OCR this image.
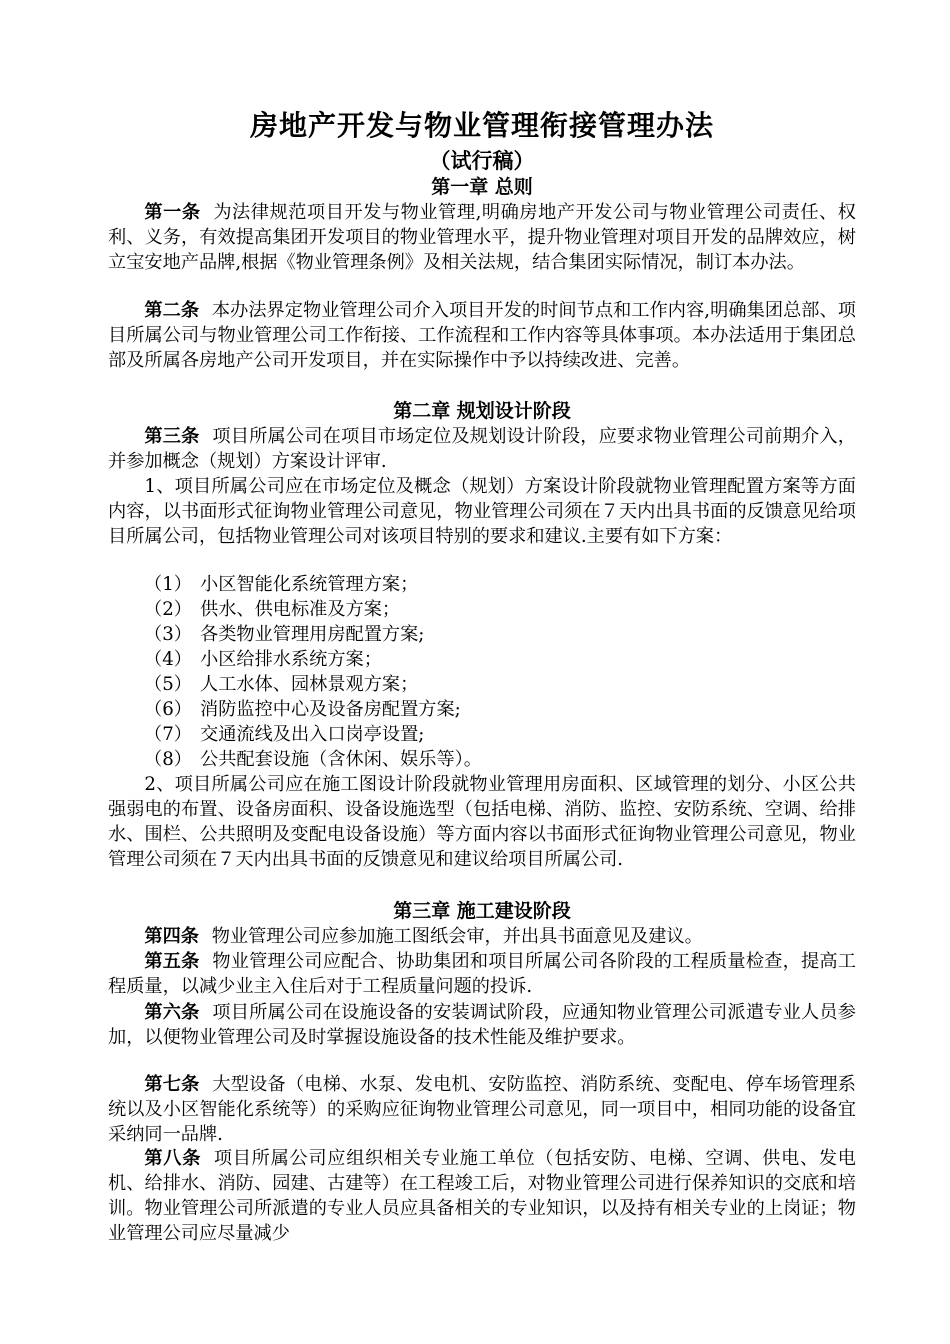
房地产开发与物业管理衔接管理办法
（试行稿）
第一章 总则

第一条 为法律规范项目开发与物业管理,明确房地产开发公司与物业管理公司责任、权利、义务，有效提高集团开发项目的物业管理水平，提升物业管理对项目开发的品牌效应，树立宝安地产品牌,根据《物业管理条例》及相关法规，结合集团实际情况，制订本办法。

第二条 本办法界定物业管理公司介入项目开发的时间节点和工作内容,明确集团总部、项目所属公司与物业管理公司工作衔接、工作流程和工作内容等具体事项。本办法适用于集团总部及所属各房地产公司开发项目，并在实际操作中予以持续改进、完善。

第二章 规划设计阶段

第三条 项目所属公司在项目市场定位及规划设计阶段，应要求物业管理公司前期介入，并参加概念（规划）方案设计评审.

1、项目所属公司应在市场定位及概念（规划）方案设计阶段就物业管理配置方案等方面内容，以书面形式征询物业管理公司意见，物业管理公司须在７天内出具书面的反馈意见给项目所属公司，包括物业管理公司对该项目特别的要求和建议.主要有如下方案：

（1） 小区智能化系统管理方案；
（2） 供水、供电标准及方案；
（3） 各类物业管理用房配置方案;
（4） 小区给排水系统方案；
（5） 人工水体、园林景观方案；
（6） 消防监控中心及设备房配置方案;
（7） 交通流线及出入口岗亭设置;
（8） 公共配套设施（含休闲、娱乐等）。

2、项目所属公司应在施工图设计阶段就物业管理用房面积、区域管理的划分、小区公共强弱电的布置、设备房面积、设备设施选型（包括电梯、消防、监控、安防系统、空调、给排水、围栏、公共照明及变配电设备设施）等方面内容以书面形式征询物业管理公司意见，物业管理公司须在７天内出具书面的反馈意见和建议给项目所属公司.

第三章 施工建设阶段

第四条 物业管理公司应参加施工图纸会审，并出具书面意见及建议。

第五条 物业管理公司应配合、协助集团和项目所属公司各阶段的工程质量检查，提高工程质量，以减少业主入住后对于工程质量问题的投诉.

第六条 项目所属公司在设施设备的安装调试阶段，应通知物业管理公司派遣专业人员参加，以便物业管理公司及时掌握设施设备的技术性能及维护要求。

第七条 大型设备（电梯、水泵、发电机、安防监控、消防系统、变配电、停车场管理系统以及小区智能化系统等）的采购应征询物业管理公司意见，同一项目中，相同功能的设备宜采纳同一品牌.

第八条 项目所属公司应组织相关专业施工单位（包括安防、电梯、空调、供电、发电机、给排水、消防、园建、古建等）在工程竣工后，对物业管理公司进行保养知识的交底和培训。物业管理公司所派遣的专业人员应具备相关的专业知识，以及持有相关专业的上岗证；物业管理公司应尽量减少
